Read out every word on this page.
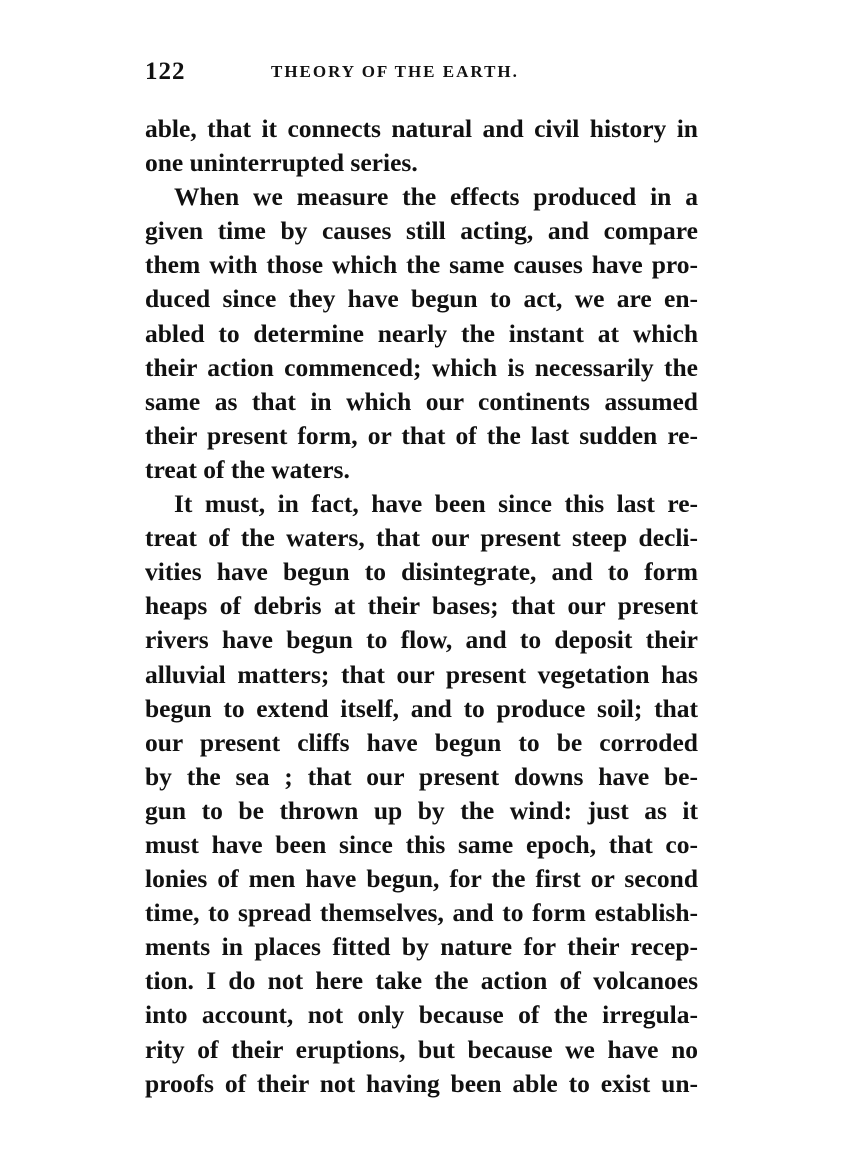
122	THEORY OF THE EARTH.
able, that it connects natural and civil history in
one uninterrupted series.
When we measure the effects produced in a
given time by causes still acting, and compare
them with those which the same causes have pro-
duced since they have begun to act, we are en-
abled to determine nearly the instant at which
their action commenced; which is necessarily the
same as that in which our continents assumed
their present form, or that of the last sudden re-
treat of the waters.
It must, in fact, have been since this last re-
treat of the waters, that our present steep decli-
vities have begun to disintegrate, and to form
heaps of debris at their bases; that our present
rivers have begun to flow, and to deposit their
alluvial matters; that our present vegetation has
begun to extend itself, and to produce soil; that
our present cliffs have begun to be corroded
by the sea ; that our present downs have be-
gun to be thrown up by the wind: just as it
must have been since this same epoch, that co-
lonies of men have begun, for the first or second
time, to spread themselves, and to form establish-
ments in places fitted by nature for their recep-
tion. I do not here take the action of volcanoes
into account, not only because of the irregula-
rity of their eruptions, but because we have no
proofs of their not having been able to exist un-
